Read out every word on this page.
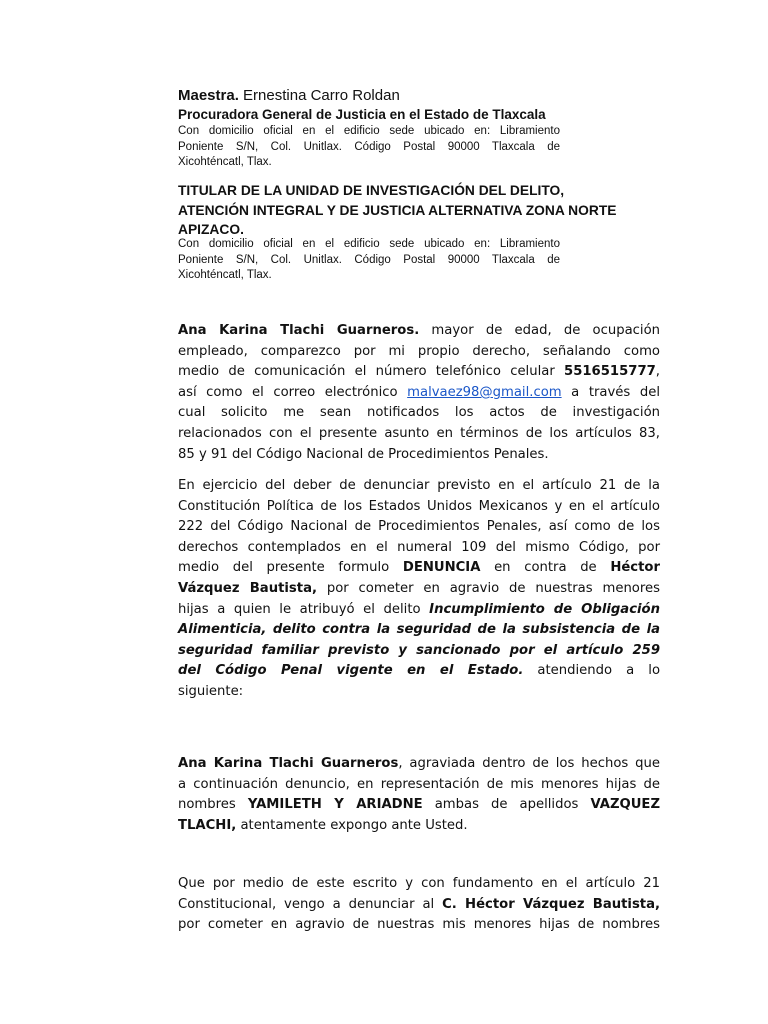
Maestra. Ernestina Carro Roldan

Procuradora General de Justicia en el Estado de Tlaxcala

Con domicilio oficial en el edificio sede ubicado en: Libramiento
Poniente S/N, Col. Unitlax. Código Postal 90000 Tlaxcala de
Xicohténcatl, Tlax.

TITULAR DE LA UNIDAD DE INVESTIGACIÓN DEL DELITO,
ATENCIÓN INTEGRAL Y DE JUSTICIA ALTERNATIVA ZONA NORTE
APIZACO.

Con domicilio oficial en el edificio sede ubicado en: Libramiento
Poniente S/N, Col. Unitlax. Código Postal 90000 Tlaxcala de
Xicohténcatl, Tlax.

Ana Karina Tlachi Guarneros. mayor de edad, de ocupación
empleado, comparezco por mi propio derecho, señalando como
medio de comunicación el número telefónico celular 5516515777,
así como el correo electrónico malvaez98@gmail.com a través del
cual solicito me sean notificados los actos de investigación
relacionados con el presente asunto en términos de los artículos 83,
85 y 91 del Código Nacional de Procedimientos Penales.
En ejercicio del deber de denunciar previsto en el artículo 21 de la
Constitución Política de los Estados Unidos Mexicanos y en el artículo
222 del Código Nacional de Procedimientos Penales, así como de los
derechos contemplados en el numeral 109 del mismo Código, por
medio del presente formulo DENUNCIA en contra de Héctor
Vázquez Bautista, por cometer en agravio de nuestras menores
hijas a quien le atribuyó el delito Incumplimiento de Obligación
Alimenticia, delito contra la seguridad de la subsistencia de la
seguridad familiar previsto y sancionado por el artículo 259
del Código Penal vigente en el Estado. atendiendo a lo
siguiente:
Ana Karina Tlachi Guarneros, agraviada dentro de los hechos que
a continuación denuncio, en representación de mis menores hijas de
nombres YAMILETH Y ARIADNE ambas de apellidos VAZQUEZ
TLACHI, atentamente expongo ante Usted.
Que por medio de este escrito y con fundamento en el artículo 21
Constitucional, vengo a denunciar al C. Héctor Vázquez Bautista,
por cometer en agravio de nuestras mis menores hijas de nombres
